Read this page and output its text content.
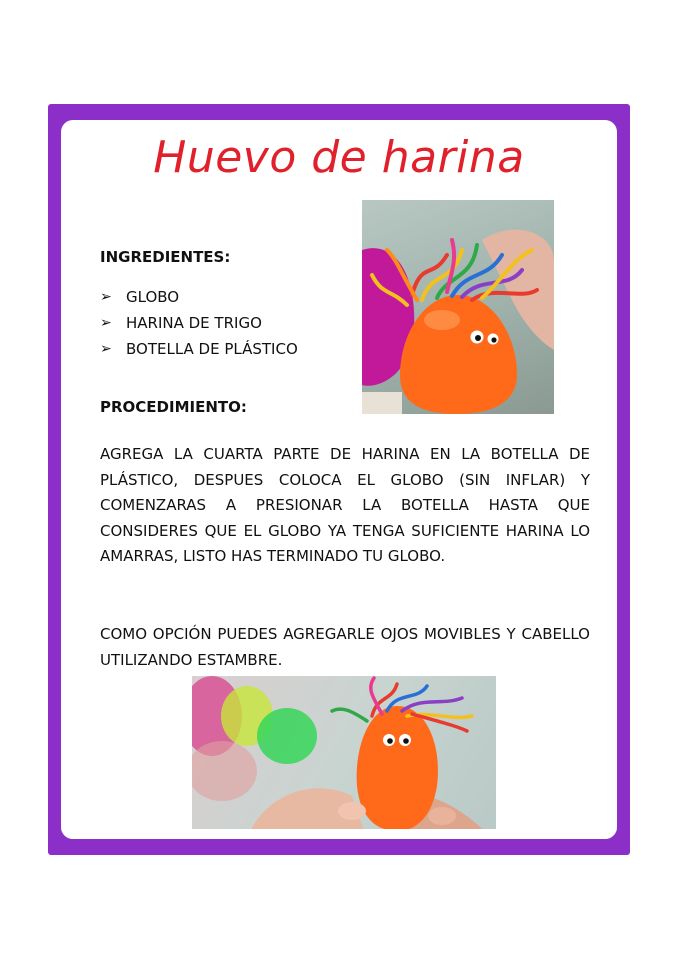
Huevo de harina
INGREDIENTES:
➢ GLOBO
➢ HARINA DE TRIGO
➢ BOTELLA DE PLÁSTICO
PROCEDIMIENTO:

AGREGA LA CUARTA PARTE DE HARINA EN LA BOTELLA DE PLÁSTICO, DESPUES COLOCA EL GLOBO (SIN INFLAR) Y COMENZARAS A PRESIONAR LA BOTELLA HASTA QUE CONSIDERES QUE EL GLOBO YA TENGA SUFICIENTE HARINA LO AMARRAS, LISTO HAS TERMINADO TU GLOBO.

COMO OPCIÓN PUEDES AGREGARLE OJOS MOVIBLES Y CABELLO UTILIZANDO ESTAMBRE.
